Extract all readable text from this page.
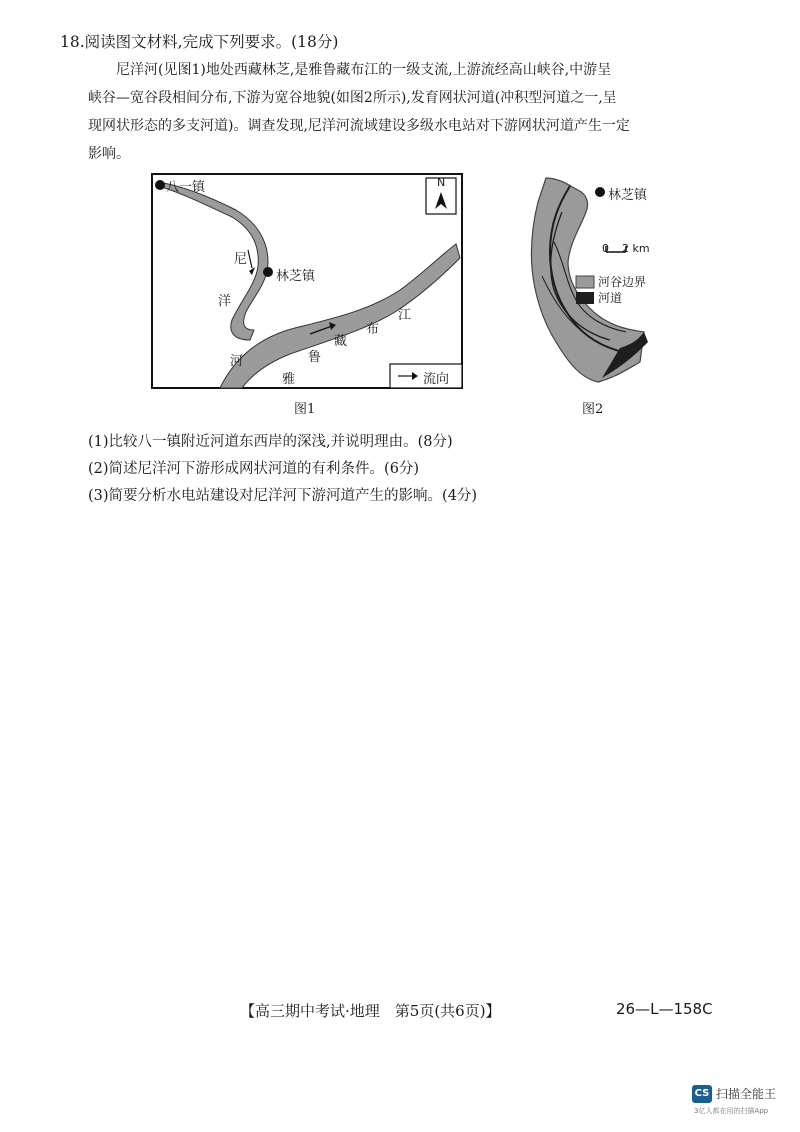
18.阅读图文材料,完成下列要求。(18分)
尼洋河(见图1)地处西藏林芝,是雅鲁藏布江的一级支流,上游流经高山峡谷,中游呈
峡谷—宽谷段相间分布,下游为宽谷地貌(如图2所示),发育网状河道(冲积型河道之一,呈
现网状形态的多支河道)。调查发现,尼洋河流域建设多级水电站对下游网状河道产生一定
影响。
八一镇
林芝镇
N
尼
洋
河
雅
鲁
藏
布
江
流向
图1
林芝镇
0 2 km
河谷边界
河道
图2
(1)比较八一镇附近河道东西岸的深浅,并说明理由。(8分)
(2)简述尼洋河下游形成网状河道的有利条件。(6分)
(3)简要分析水电站建设对尼洋河下游河道产生的影响。(4分)
【高三期中考试·地理　第5页(共6页)】	26—L—158C
CS 扫描全能王
3亿人都在用的扫描App
